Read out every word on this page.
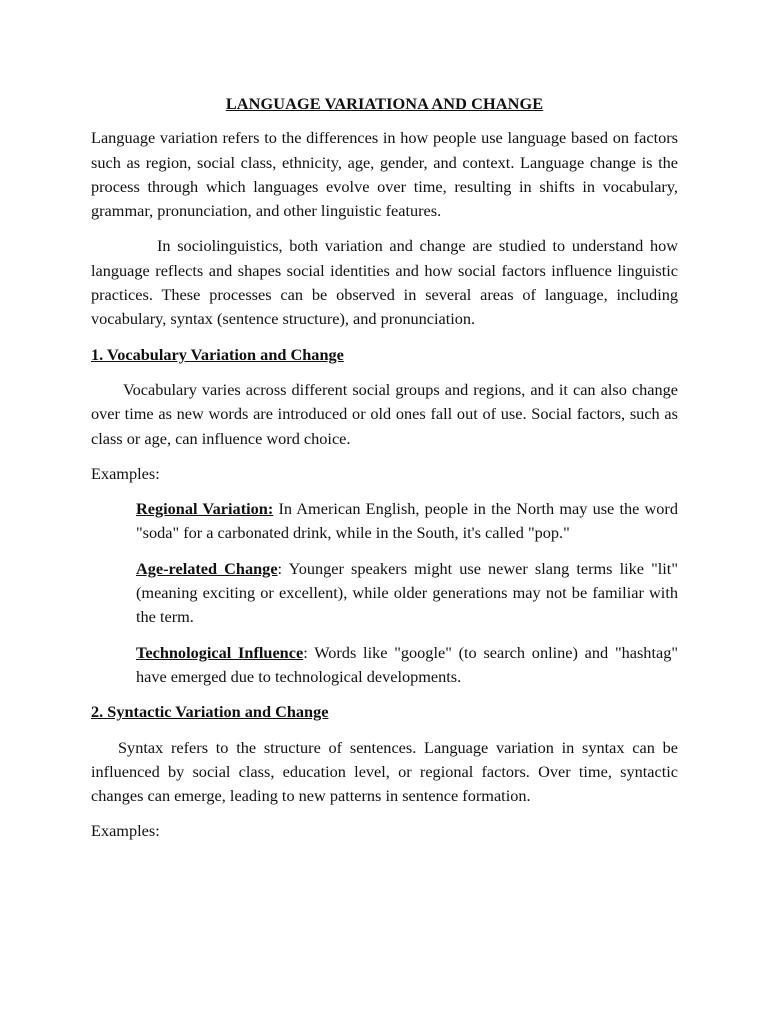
LANGUAGE VARIATIONA AND CHANGE

Language variation refers to the differences in how people use language based on factors such as region, social class, ethnicity, age, gender, and context. Language change is the process through which languages evolve over time, resulting in shifts in vocabulary, grammar, pronunciation, and other linguistic features.

In sociolinguistics, both variation and change are studied to understand how language reflects and shapes social identities and how social factors influence linguistic practices. These processes can be observed in several areas of language, including vocabulary, syntax (sentence structure), and pronunciation.

1. Vocabulary Variation and Change

Vocabulary varies across different social groups and regions, and it can also change over time as new words are introduced or old ones fall out of use. Social factors, such as class or age, can influence word choice.

Examples:

Regional Variation: In American English, people in the North may use the word "soda" for a carbonated drink, while in the South, it's called "pop."

Age-related Change: Younger speakers might use newer slang terms like "lit" (meaning exciting or excellent), while older generations may not be familiar with the term.

Technological Influence: Words like "google" (to search online) and "hashtag" have emerged due to technological developments.

2. Syntactic Variation and Change

Syntax refers to the structure of sentences. Language variation in syntax can be influenced by social class, education level, or regional factors. Over time, syntactic changes can emerge, leading to new patterns in sentence formation.

Examples:
